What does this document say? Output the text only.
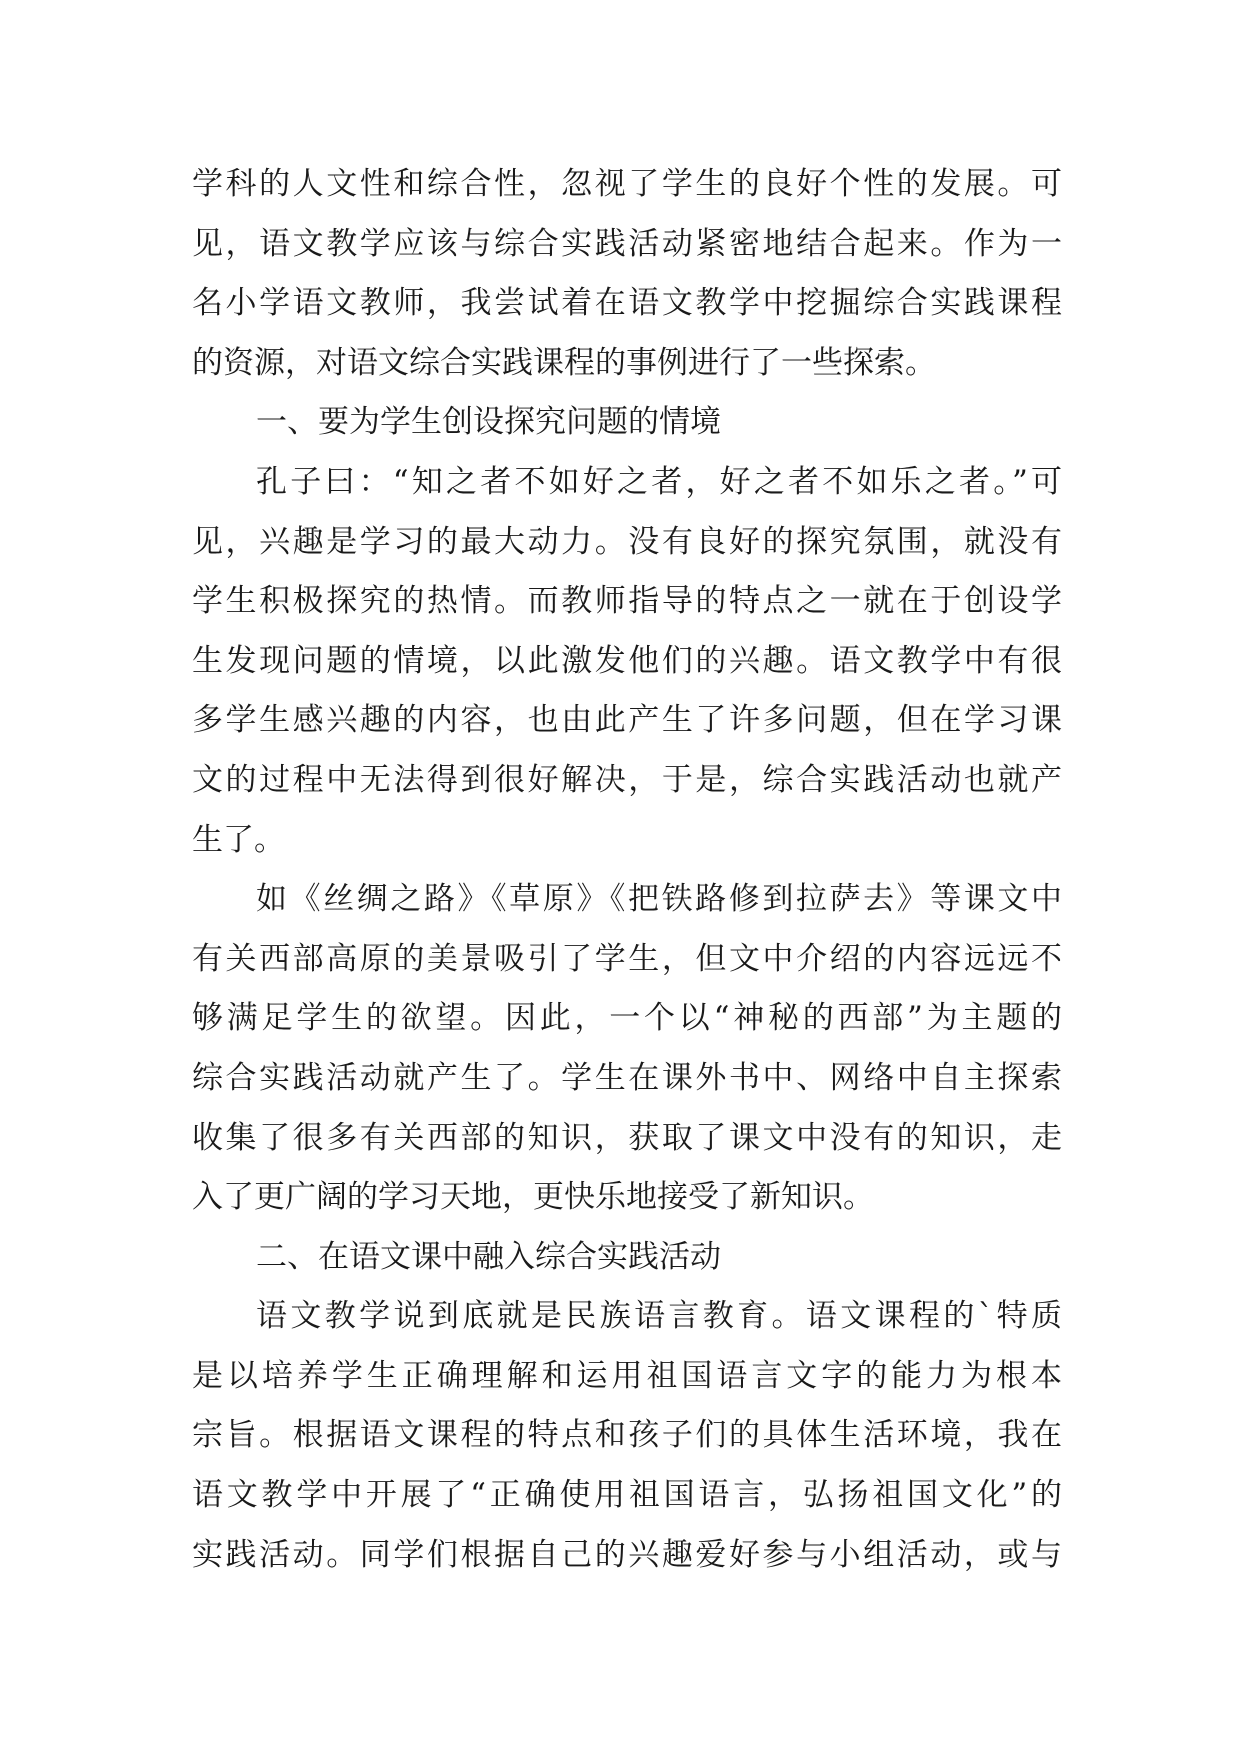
学科的人文性和综合性，忽视了学生的良好个性的发展。可
见，语文教学应该与综合实践活动紧密地结合起来。作为一
名小学语文教师，我尝试着在语文教学中挖掘综合实践课程
的资源，对语文综合实践课程的事例进行了一些探索。
一、要为学生创设探究问题的情境
孔子曰：“知之者不如好之者，好之者不如乐之者。”可
见，兴趣是学习的最大动力。没有良好的探究氛围，就没有
学生积极探究的热情。而教师指导的特点之一就在于创设学
生发现问题的情境，以此激发他们的兴趣。语文教学中有很
多学生感兴趣的内容，也由此产生了许多问题，但在学习课
文的过程中无法得到很好解决，于是，综合实践活动也就产
生了。
如《丝绸之路》《草原》《把铁路修到拉萨去》等课文中
有关西部高原的美景吸引了学生，但文中介绍的内容远远不
够满足学生的欲望。因此，一个以“神秘的西部”为主题的
综合实践活动就产生了。学生在课外书中、网络中自主探索
收集了很多有关西部的知识，获取了课文中没有的知识，走
入了更广阔的学习天地，更快乐地接受了新知识。
二、在语文课中融入综合实践活动
语文教学说到底就是民族语言教育。语文课程的`特质
是以培养学生正确理解和运用祖国语言文字的能力为根本
宗旨。根据语文课程的特点和孩子们的具体生活环境，我在
语文教学中开展了“正确使用祖国语言，弘扬祖国文化”的
实践活动。同学们根据自己的兴趣爱好参与小组活动，或与
